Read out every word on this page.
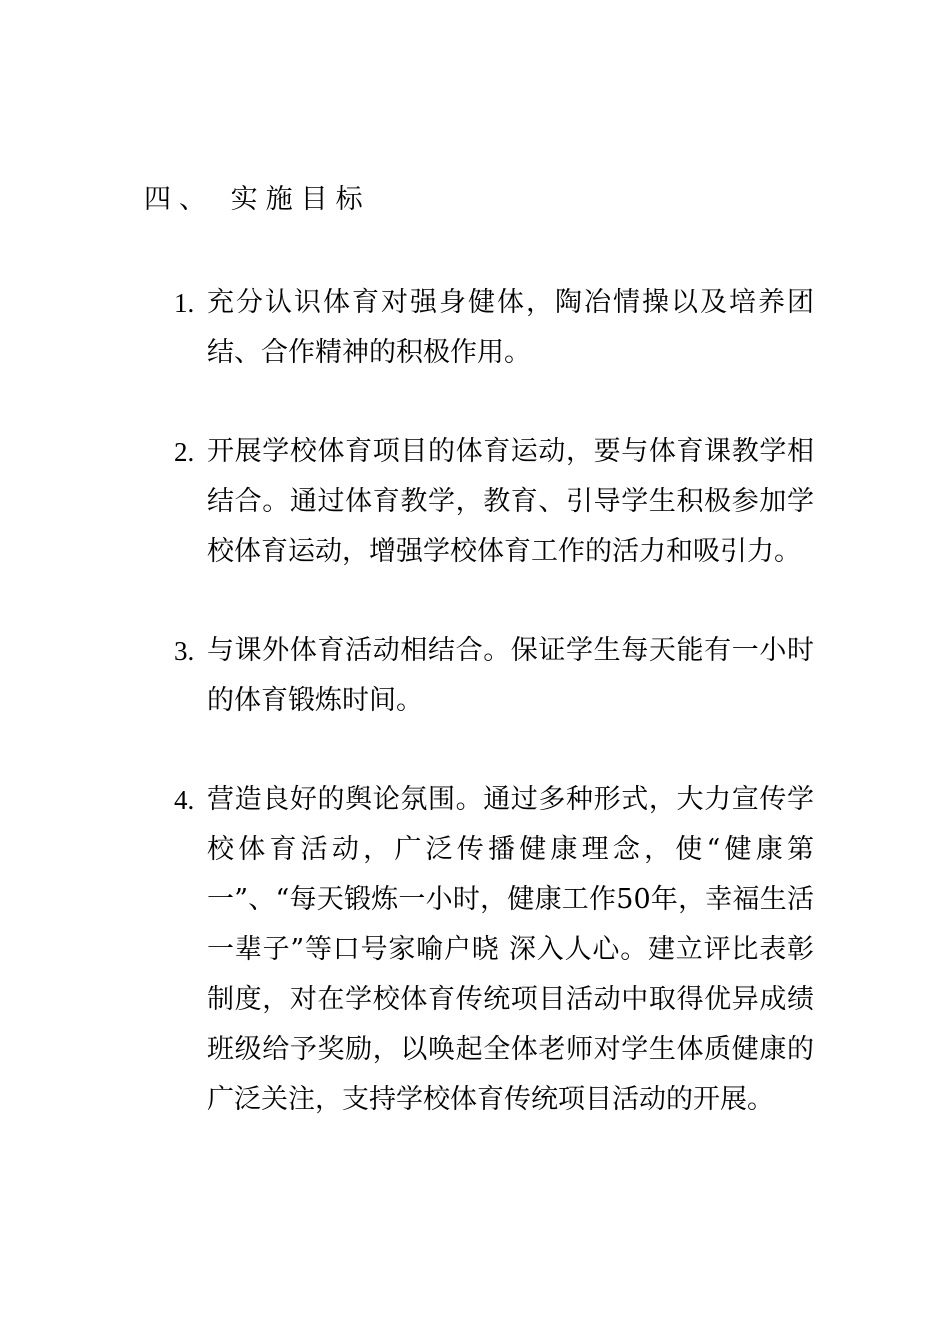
四、 实施目标
1. 充分认识体育对强身健体，陶冶情操以及培养团结、合作精神的积极作用。
2. 开展学校体育项目的体育运动，要与体育课教学相结合。通过体育教学，教育、引导学生积极参加学校体育运动，增强学校体育工作的活力和吸引力。
3. 与课外体育活动相结合。保证学生每天能有一小时的体育锻炼时间。
4. 营造良好的舆论氛围。通过多种形式，大力宣传学校体育活动，广泛传播健康理念，使“健康第一”、“每天锻炼一小时，健康工作50年，幸福生活一辈子”等口号家喻户晓 深入人心。建立评比表彰制度，对在学校体育传统项目活动中取得优异成绩班级给予奖励，以唤起全体老师对学生体质健康的广泛关注，支持学校体育传统项目活动的开展。
